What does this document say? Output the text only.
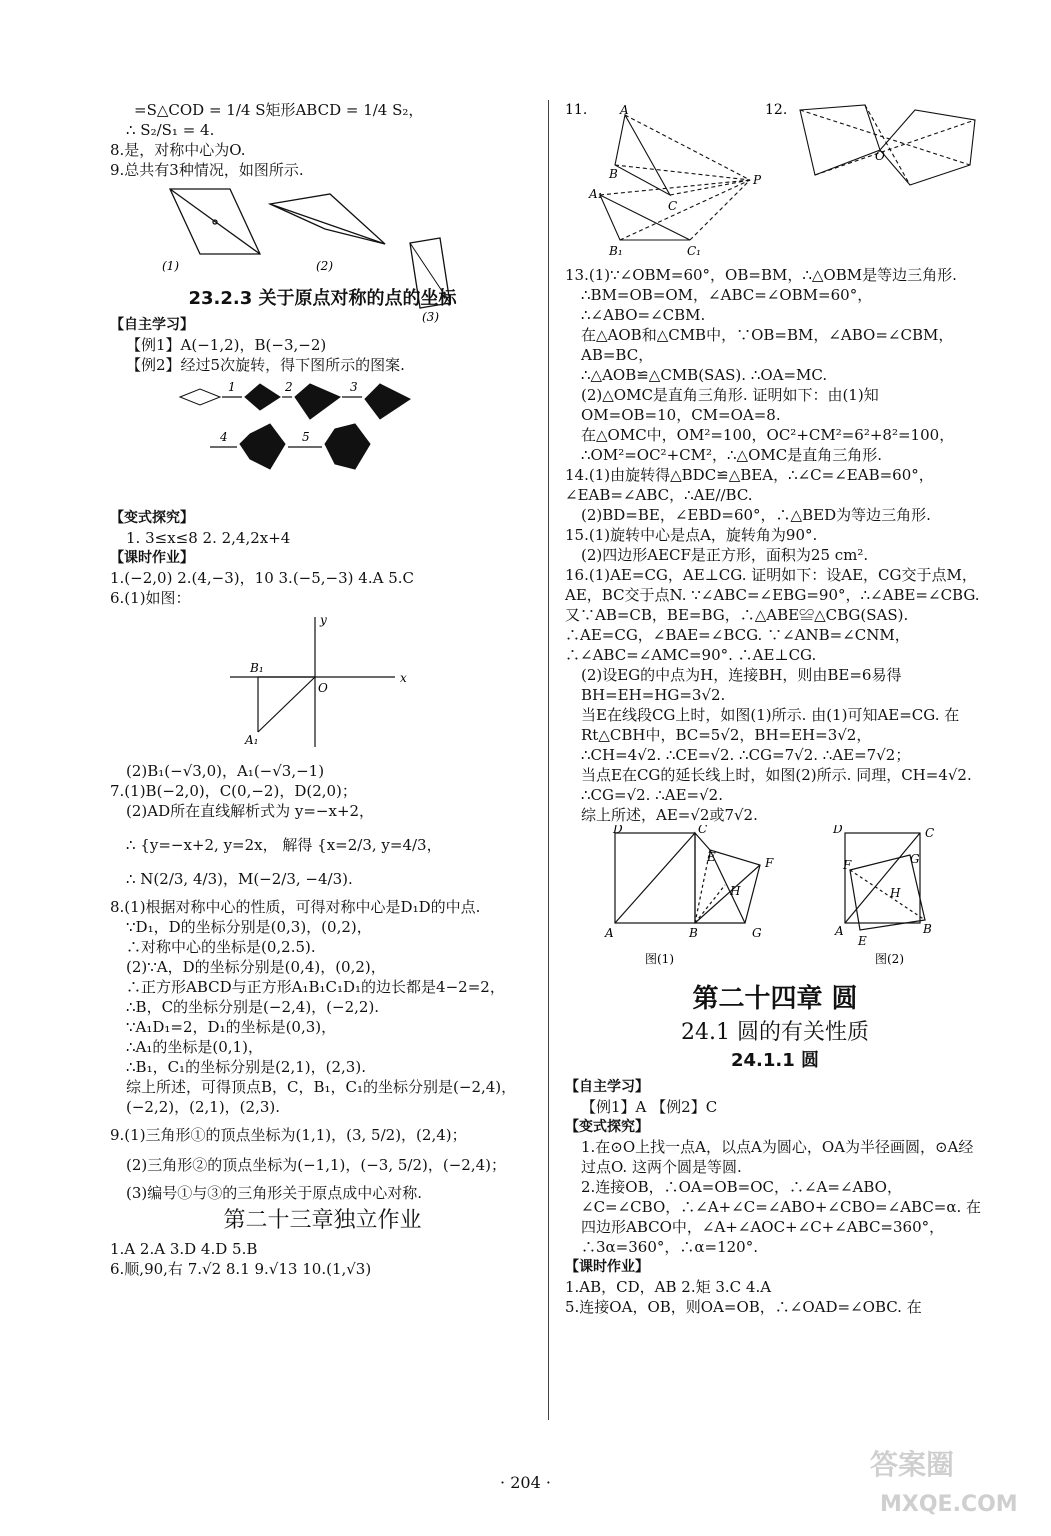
=S△COD = 1/4 S矩形ABCD = 1/4 S₂，
∴ S₂/S₁ = 4.
8.是，对称中心为O.
9.总共有3种情况，如图所示.
(1)	(2)
(3)
23.2.3 关于原点对称的点的坐标
【自主学习】
【例1】A(−1,2)，B(−3,−2)
【例2】经过5次旋转，得下图所示的图案.
1	2	3
4	5
【变式探究】
1. 3≤x≤8 2. 2,4,2x+4
【课时作业】
1.(−2,0) 2.(4,−3)，10 3.(−5,−3) 4.A 5.C
6.(1)如图：
x
y
O
B₁
A₁
(2)B₁(−√3,0)，A₁(−√3,−1)
7.(1)B(−2,0)，C(0,−2)，D(2,0)；
(2)AD所在直线解析式为 y=−x+2，
∴ {y=−x+2, y=2x， 解得 {x=2/3, y=4/3，
∴ N(2/3, 4/3)，M(−2/3, −4/3).
8.(1)根据对称中心的性质，可得对称中心是D₁D的中点.
∵D₁，D的坐标分别是(0,3)，(0,2)，
∴对称中心的坐标是(0,2.5).
(2)∵A，D的坐标分别是(0,4)，(0,2)，
∴正方形ABCD与正方形A₁B₁C₁D₁的边长都是4−2=2，
∴B，C的坐标分别是(−2,4)，(−2,2).
∵A₁D₁=2，D₁的坐标是(0,3)，
∴A₁的坐标是(0,1)，
∴B₁，C₁的坐标分别是(2,1)，(2,3).
综上所述，可得顶点B，C，B₁，C₁的坐标分别是(−2,4)，(−2,2)，(2,1)，(2,3).
9.(1)三角形①的顶点坐标为(1,1)，(3, 5/2)，(2,4)；
(2)三角形②的顶点坐标为(−1,1)，(−3, 5/2)，(−2,4)；
(3)编号①与③的三角形关于原点成中心对称.
第二十三章独立作业
1.A 2.A 3.D 4.D 5.B
6.顺,90,右 7.√2 8.1 9.√13 10.(1,√3)
11.	12.
A
B
C
A₁
B₁	C₁
P
O
13.(1)∵∠OBM=60°，OB=BM，∴△OBM是等边三角形.
∴BM=OB=OM，∠ABC=∠OBM=60°，∴∠ABO=∠CBM.
在△AOB和△CMB中，∵OB=BM，∠ABO=∠CBM，AB=BC，
∴△AOB≌△CMB(SAS). ∴OA=MC.
(2)△OMC是直角三角形. 证明如下：由(1)知OM=OB=10，CM=OA=8.
在△OMC中，OM²=100，OC²+CM²=6²+8²=100，
∴OM²=OC²+CM²，∴△OMC是直角三角形.
14.(1)由旋转得△BDC≌△BEA，∴∠C=∠EAB=60°，∠EAB=∠ABC，∴AE//BC.
(2)BD=BE，∠EBD=60°，∴△BED为等边三角形.
15.(1)旋转中心是点A，旋转角为90°.
(2)四边形AECF是正方形，面积为25 cm².
16.(1)AE=CG，AE⊥CG. 证明如下：设AE，CG交于点M，AE，BC交于点N. ∵∠ABC=∠EBG=90°，∴∠ABE=∠CBG. 又∵AB=CB，BE=BG，∴△ABE≌△CBG(SAS). ∴AE=CG，∠BAE=∠BCG. ∵∠ANB=∠CNM，∴∠ABC=∠AMC=90°. ∴AE⊥CG.
(2)设EG的中点为H，连接BH，则由BE=6易得BH=EH=HG=3√2.
当E在线段CG上时，如图(1)所示. 由(1)可知AE=CG. 在Rt△CBH中，BC=5√2，BH=EH=3√2，
∴CH=4√2. ∴CE=√2. ∴CG=7√2. ∴AE=7√2；
当点E在CG的延长线上时，如图(2)所示. 同理，CH=4√2. ∴CG=√2. ∴AE=√2.
综上所述，AE=√2或7√2.
D	C
E	F
H
A	B	G
图(1)
D	C
F	G
H
A
E
B
图(2)
第二十四章 圆
24.1 圆的有关性质
24.1.1 圆
【自主学习】
【例1】A 【例2】C
【变式探究】
1.在⊙O上找一点A，以点A为圆心，OA为半径画圆，⊙A经过点O. 这两个圆是等圆.
2.连接OB，∴OA=OB=OC，∴∠A=∠ABO，∠C=∠CBO，∴∠A+∠C=∠ABO+∠CBO=∠ABC=α. 在四边形ABCO中，∠A+∠AOC+∠C+∠ABC=360°，∴3α=360°，∴α=120°.
【课时作业】
1.AB，CD，AB 2.矩 3.C 4.A
5.连接OA，OB，则OA=OB，∴∠OAD=∠OBC. 在
· 204 ·
答案圈
MXQE.COM
